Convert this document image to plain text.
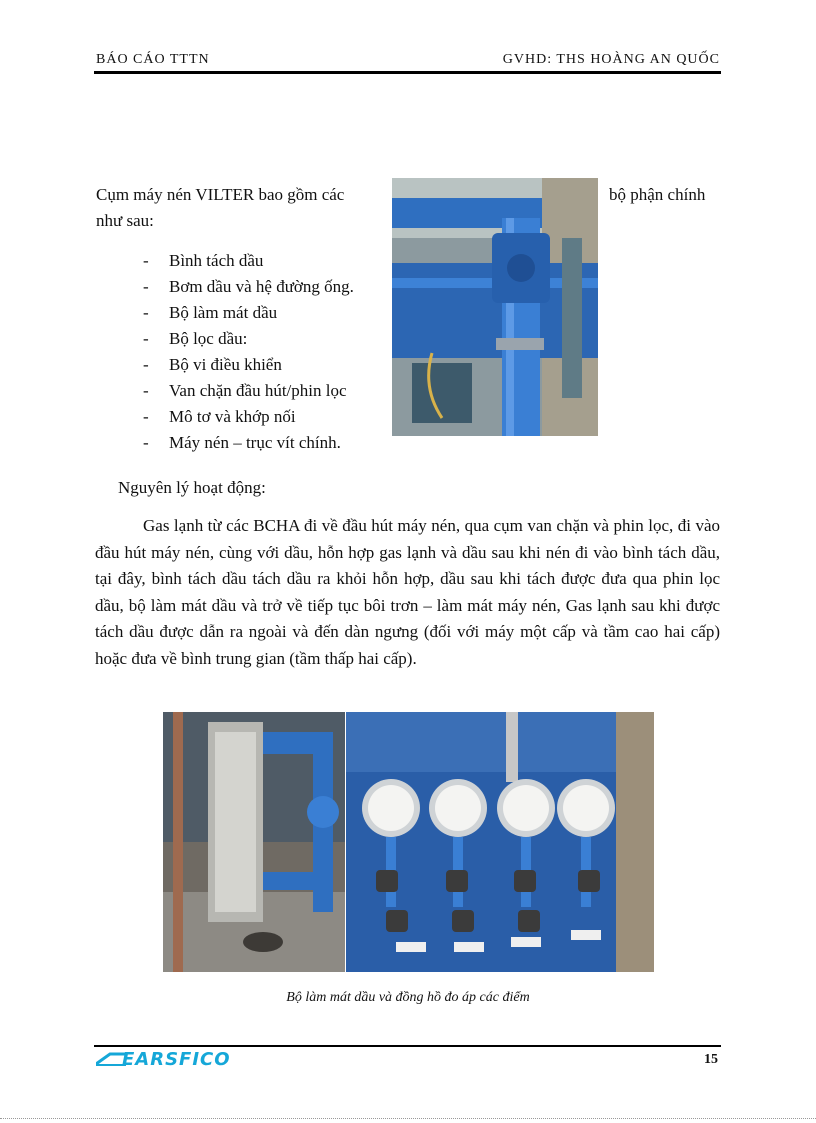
BÁO CÁO TTTN	GVHD: THS HOÀNG AN QUỐC
Cụm máy nén VILTER bao gồm các	bộ phận chính
như sau:
- Bình tách dầu
- Bơm dầu và hệ đường ống.
- Bộ làm mát dầu
- Bộ lọc dầu:
- Bộ vi điều khiển
- Van chặn đầu hút/phin lọc
- Mô tơ và khớp nối
- Máy nén – trục vít chính.
Nguyên lý hoạt động:

Gas lạnh từ các BCHA đi về đầu hút máy nén, qua cụm van chặn và phin lọc, đi vào đầu hút máy nén, cùng với dầu, hỗn hợp gas lạnh và dầu sau khi nén đi vào bình tách dầu, tại đây, bình tách dầu tách dầu ra khỏi hỗn hợp, dầu sau khi tách được đưa qua phin lọc dầu, bộ làm mát dầu và trở về tiếp tục bôi trơn – làm mát máy nén, Gas lạnh sau khi được tách dầu được dẫn ra ngoài và đến dàn ngưng (đối với máy một cấp và tầm cao hai cấp) hoặc đưa về bình trung gian (tầm thấp hai cấp).

Bộ làm mát dầu và đồng hồ đo áp các điểm
EARSFICO	15
